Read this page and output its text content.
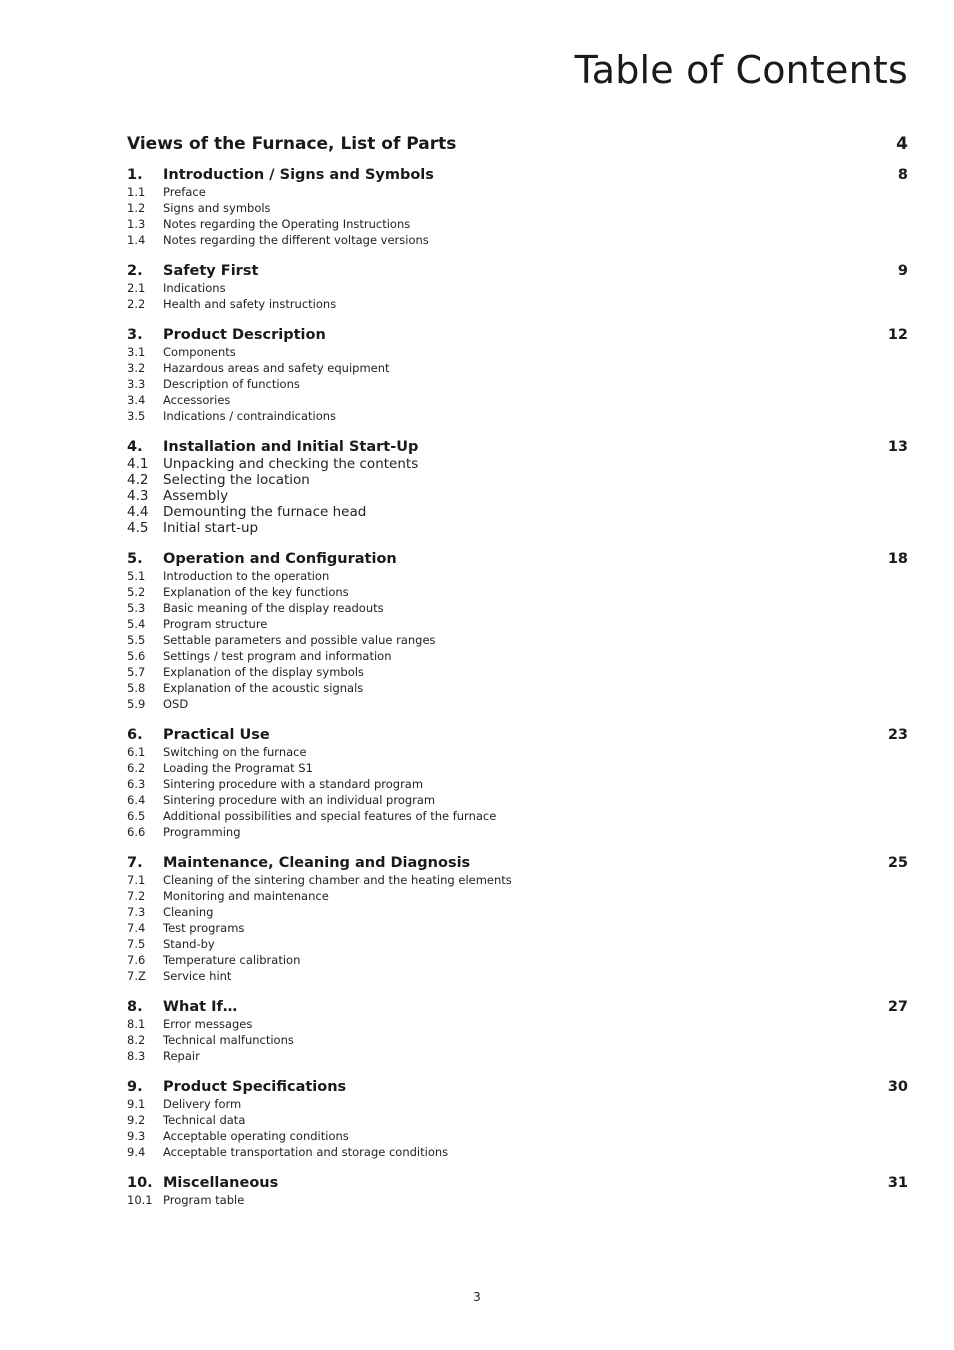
Table of Contents
Views of the Furnace, List of Parts	4
1.	Introduction / Signs and Symbols	8
1.1	Preface
1.2	Signs and symbols
1.3	Notes regarding the Operating Instructions
1.4	Notes regarding the different voltage versions
2.	Safety First	9
2.1	Indications
2.2	Health and safety instructions
3.	Product Description	12
3.1	Components
3.2	Hazardous areas and safety equipment
3.3	Description of functions
3.4	Accessories
3.5	Indications / contraindications
4.	Installation and Initial Start-Up	13
4.1	Unpacking and checking the contents
4.2	Selecting the location
4.3	Assembly
4.4	Demounting the furnace head
4.5	Initial start-up
5.	Operation and Configuration	18
5.1	Introduction to the operation
5.2	Explanation of the key functions
5.3	Basic meaning of the display readouts
5.4	Program structure
5.5	Settable parameters and possible value ranges
5.6	Settings / test program and information
5.7	Explanation of the display symbols
5.8	Explanation of the acoustic signals
5.9	OSD
6.	Practical Use	23
6.1	Switching on the furnace
6.2	Loading the Programat S1
6.3	Sintering procedure with a standard program
6.4	Sintering procedure with an individual program
6.5	Additional possibilities and special features of the furnace
6.6	Programming
7.	Maintenance, Cleaning and Diagnosis	25
7.1	Cleaning of the sintering chamber and the heating elements
7.2	Monitoring and maintenance
7.3	Cleaning
7.4	Test programs
7.5	Stand-by
7.6	Temperature calibration
7.Z	Service hint
8.	What If…	27
8.1	Error messages
8.2	Technical malfunctions
8.3	Repair
9.	Product Specifications	30
9.1	Delivery form
9.2	Technical data
9.3	Acceptable operating conditions
9.4	Acceptable transportation and storage conditions
10. Miscellaneous	31
10.1 Program table
3
